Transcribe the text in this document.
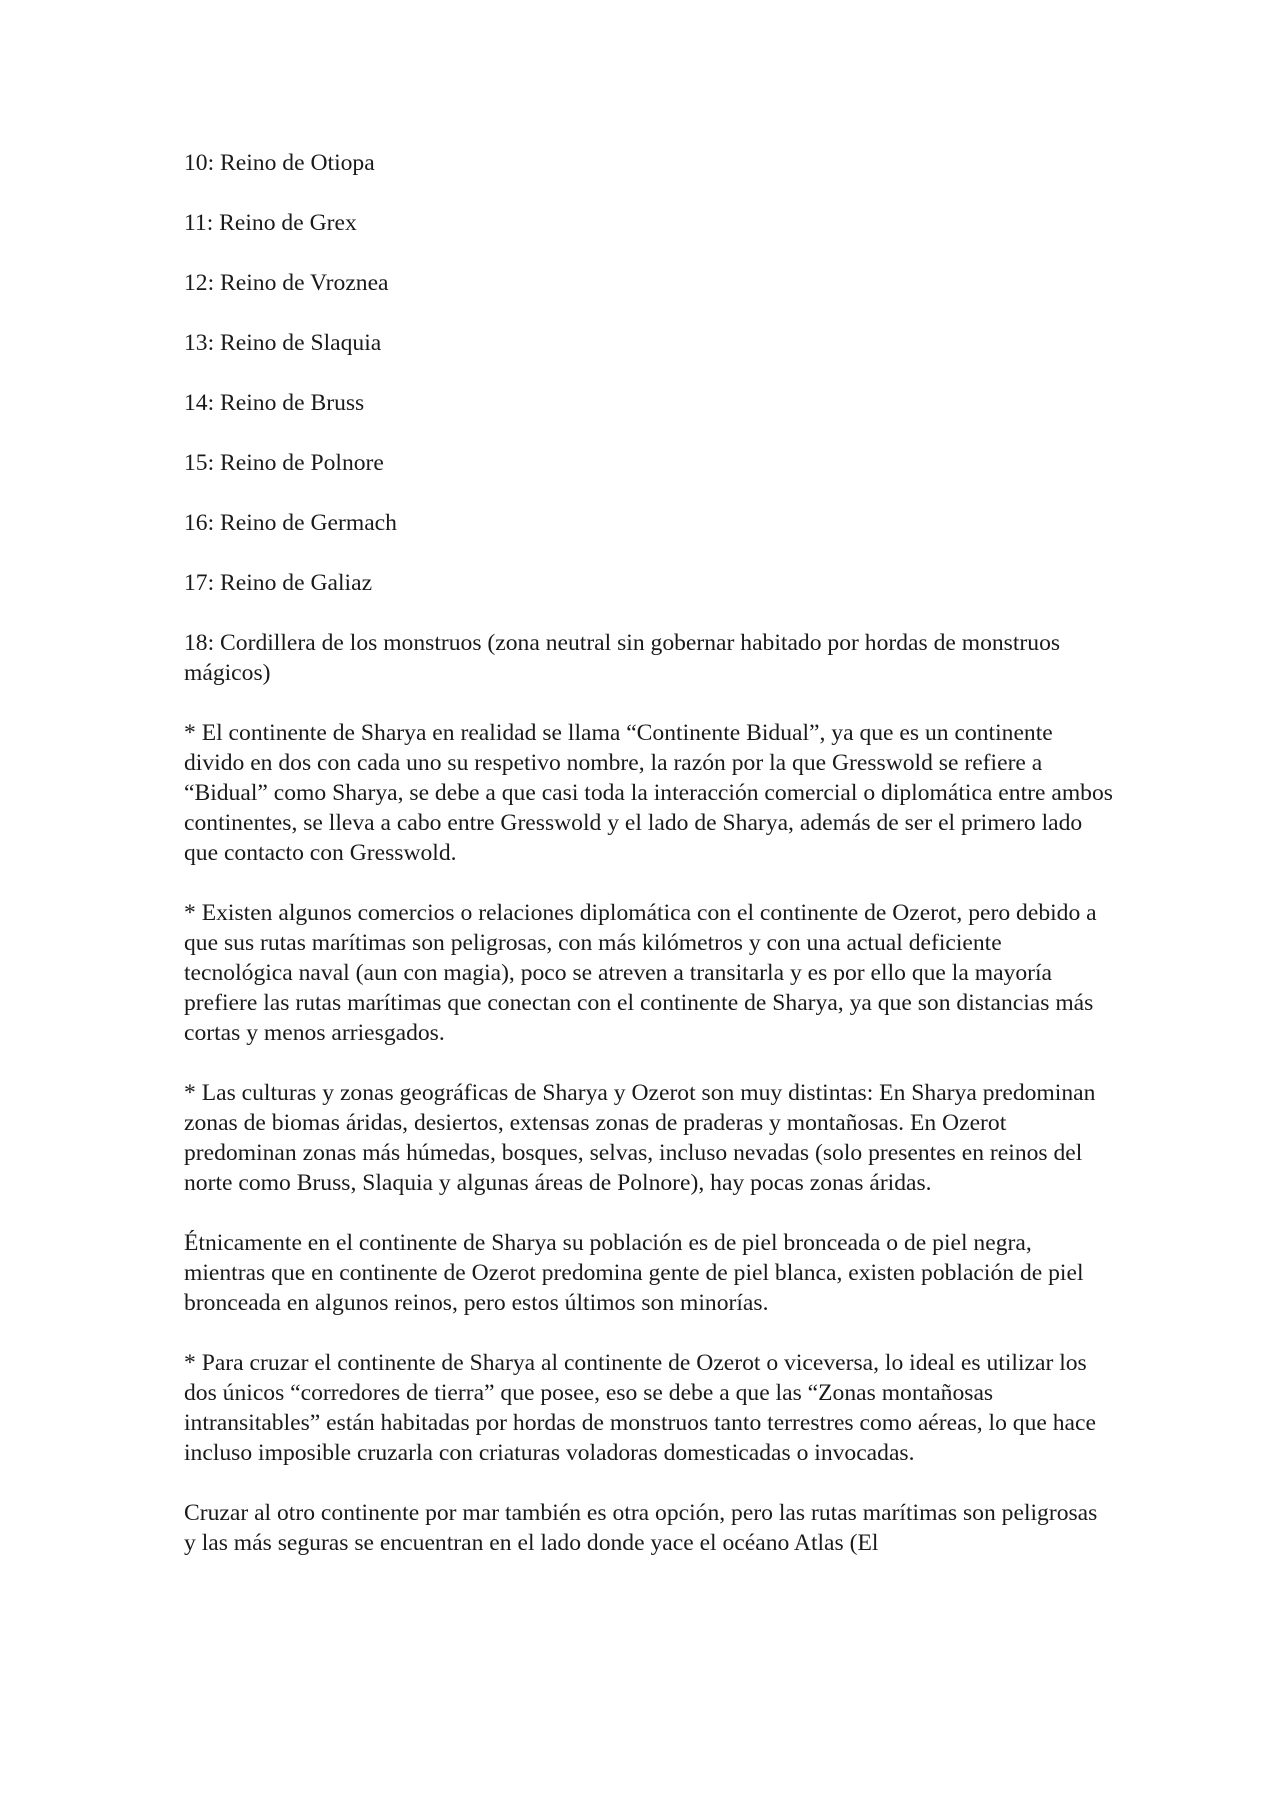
10: Reino de Otiopa

11: Reino de Grex

12: Reino de Vroznea

13: Reino de Slaquia

14: Reino de Bruss

15: Reino de Polnore

16: Reino de Germach

17: Reino de Galiaz

18: Cordillera de los monstruos (zona neutral sin gobernar habitado por hordas de monstruos mágicos)

* El continente de Sharya en realidad se llama “Continente Bidual”, ya que es un continente divido en dos con cada uno su respetivo nombre, la razón por la que Gresswold se refiere a “Bidual” como Sharya, se debe a que casi toda la interacción comercial o diplomática entre ambos continentes, se lleva a cabo entre Gresswold y el lado de Sharya, además de ser el primero lado que contacto con Gresswold.

* Existen algunos comercios o relaciones diplomática con el continente de Ozerot, pero debido a que sus rutas marítimas son peligrosas, con más kilómetros y con una actual deficiente tecnológica naval (aun con magia), poco se atreven a transitarla y es por ello que la mayoría prefiere las rutas marítimas que conectan con el continente de Sharya, ya que son distancias más cortas y menos arriesgados.

* Las culturas y zonas geográficas de Sharya y Ozerot son muy distintas: En Sharya predominan zonas de biomas áridas, desiertos, extensas zonas de praderas y montañosas. En Ozerot predominan zonas más húmedas, bosques, selvas, incluso nevadas (solo presentes en reinos del norte como Bruss, Slaquia y algunas áreas de Polnore), hay pocas zonas áridas.

Étnicamente en el continente de Sharya su población es de piel bronceada o de piel negra, mientras que en continente de Ozerot predomina gente de piel blanca, existen población de piel bronceada en algunos reinos, pero estos últimos son minorías.

* Para cruzar el continente de Sharya al continente de Ozerot o viceversa, lo ideal es utilizar los dos únicos “corredores de tierra” que posee, eso se debe a que las “Zonas montañosas intransitables” están habitadas por hordas de monstruos tanto terrestres como aéreas, lo que hace incluso imposible cruzarla con criaturas voladoras domesticadas o invocadas.

Cruzar al otro continente por mar también es otra opción, pero las rutas marítimas son peligrosas y las más seguras se encuentran en el lado donde yace el océano Atlas (El
